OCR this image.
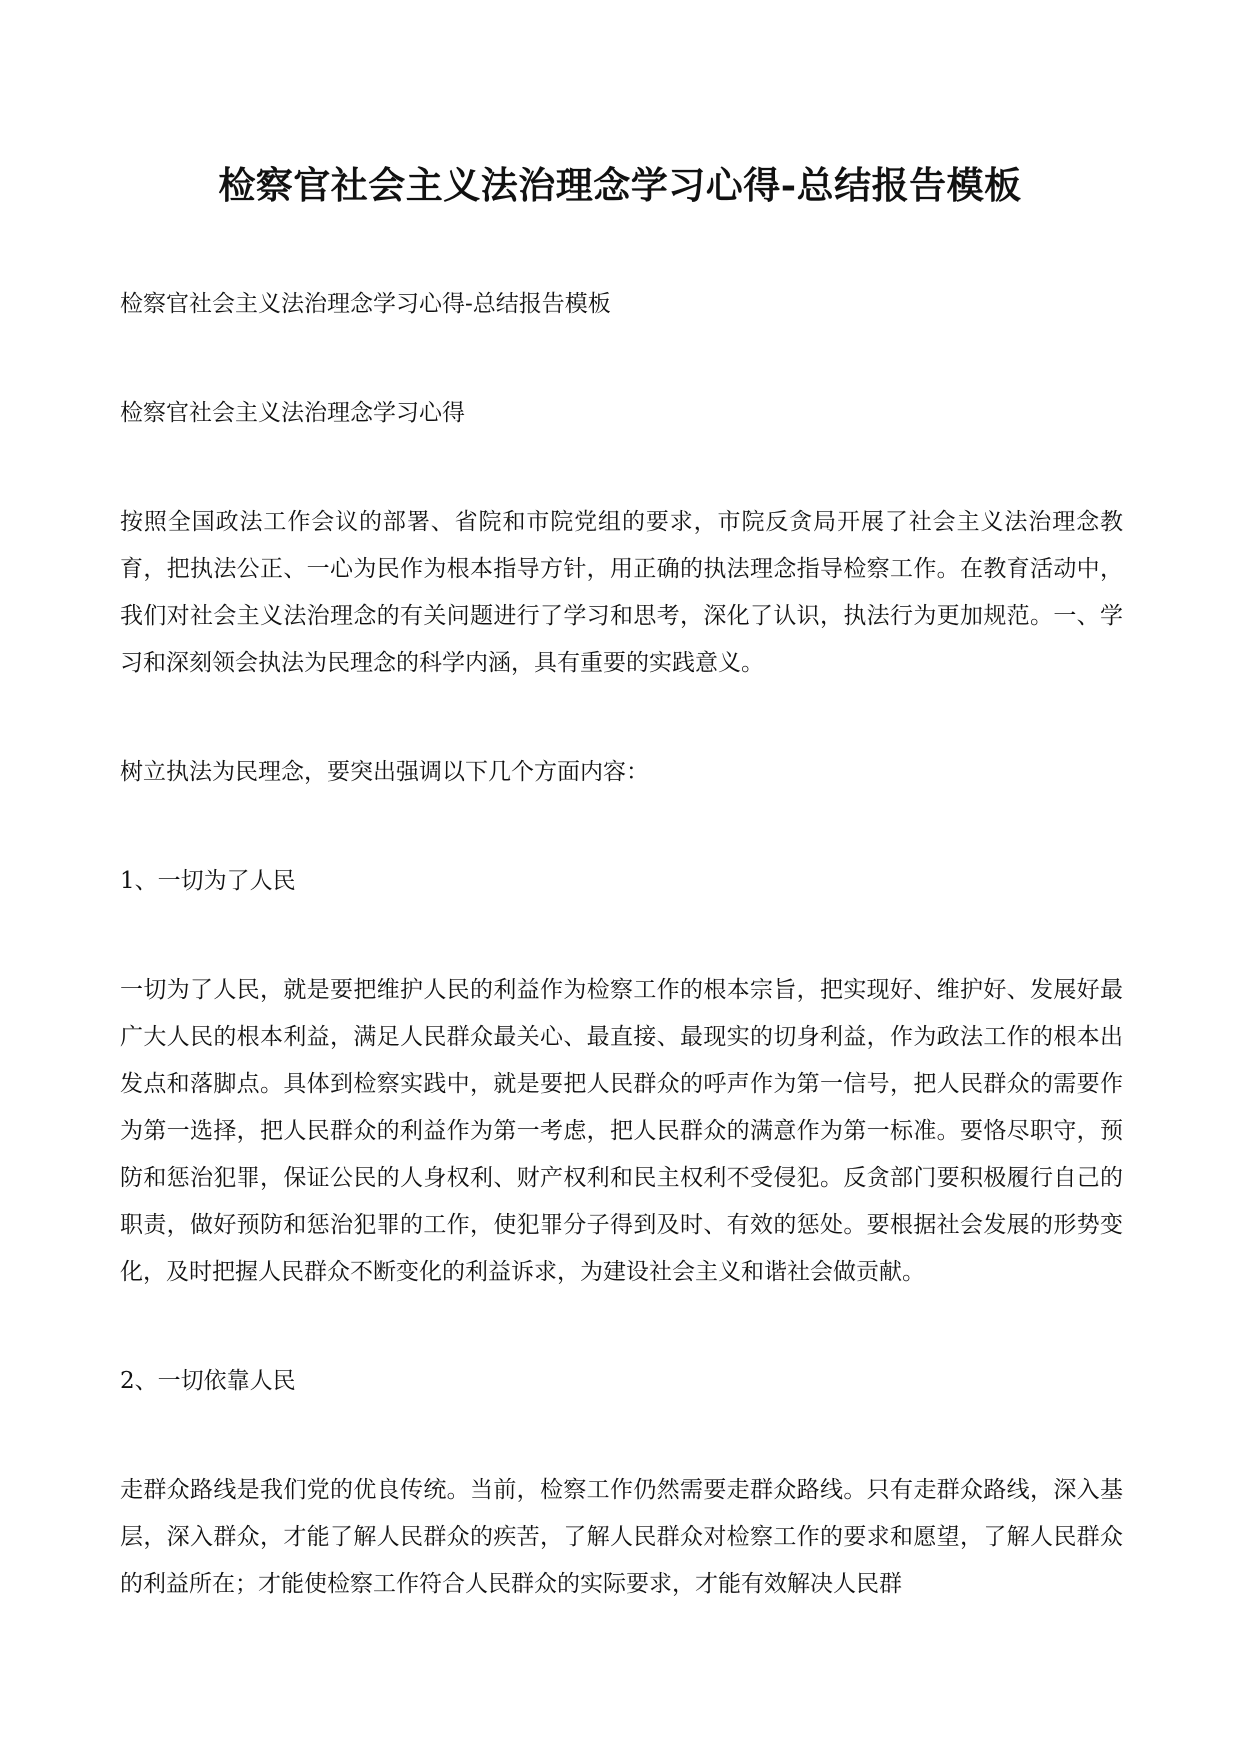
检察官社会主义法治理念学习心得-总结报告模板

检察官社会主义法治理念学习心得-总结报告模板

检察官社会主义法治理念学习心得

按照全国政法工作会议的部署、省院和市院党组的要求，市院反贪局开展了社会主义法治理念教育，把执法公正、一心为民作为根本指导方针，用正确的执法理念指导检察工作。在教育活动中，我们对社会主义法治理念的有关问题进行了学习和思考，深化了认识，执法行为更加规范。一、学习和深刻领会执法为民理念的科学内涵，具有重要的实践意义。

树立执法为民理念，要突出强调以下几个方面内容：

1、一切为了人民

一切为了人民，就是要把维护人民的利益作为检察工作的根本宗旨，把实现好、维护好、发展好最广大人民的根本利益，满足人民群众最关心、最直接、最现实的切身利益，作为政法工作的根本出发点和落脚点。具体到检察实践中，就是要把人民群众的呼声作为第一信号，把人民群众的需要作为第一选择，把人民群众的利益作为第一考虑，把人民群众的满意作为第一标准。要恪尽职守，预防和惩治犯罪，保证公民的人身权利、财产权利和民主权利不受侵犯。反贪部门要积极履行自己的职责，做好预防和惩治犯罪的工作，使犯罪分子得到及时、有效的惩处。要根据社会发展的形势变化，及时把握人民群众不断变化的利益诉求，为建设社会主义和谐社会做贡献。

2、一切依靠人民

走群众路线是我们党的优良传统。当前，检察工作仍然需要走群众路线。只有走群众路线，深入基层，深入群众，才能了解人民群众的疾苦，了解人民群众对检察工作的要求和愿望，了解人民群众的利益所在；才能使检察工作符合人民群众的实际要求，才能有效解决人民群
